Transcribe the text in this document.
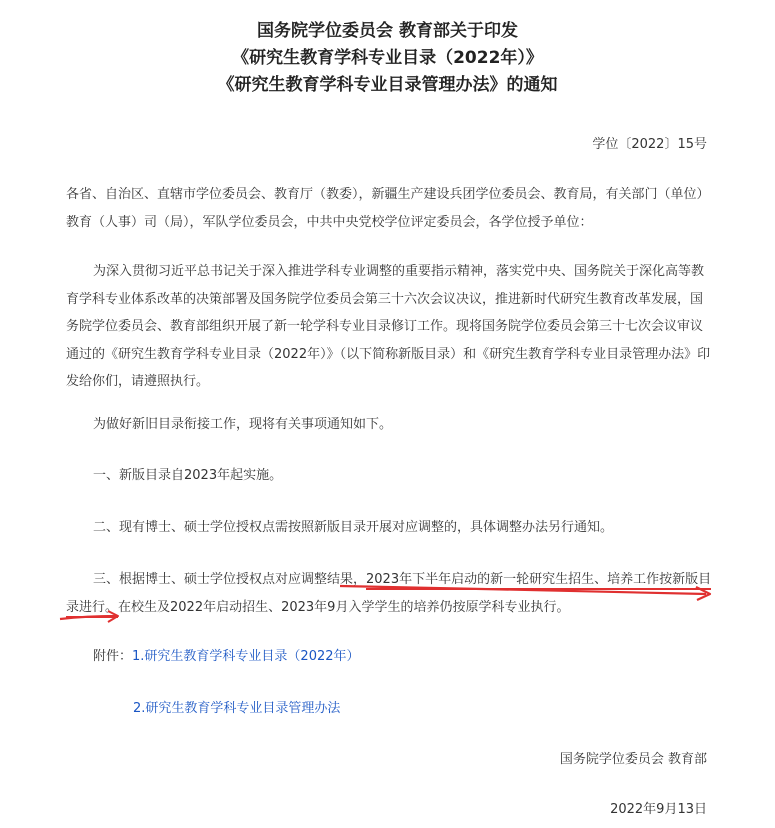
国务院学位委员会 教育部关于印发
《研究生教育学科专业目录（2022年）》
《研究生教育学科专业目录管理办法》的通知
学位〔2022〕15号
各省、自治区、直辖市学位委员会、教育厅（教委），新疆生产建设兵团学位委员会、教育局，有关部门（单位）教育（人事）司（局），军队学位委员会，中共中央党校学位评定委员会，各学位授予单位：
为深入贯彻习近平总书记关于深入推进学科专业调整的重要指示精神，落实党中央、国务院关于深化高等教育学科专业体系改革的决策部署及国务院学位委员会第三十六次会议决议，推进新时代研究生教育改革发展，国务院学位委员会、教育部组织开展了新一轮学科专业目录修订工作。现将国务院学位委员会第三十七次会议审议通过的《研究生教育学科专业目录（2022年）》（以下简称新版目录）和《研究生教育学科专业目录管理办法》印发给你们，请遵照执行。
为做好新旧目录衔接工作，现将有关事项通知如下。
一、新版目录自2023年起实施。
二、现有博士、硕士学位授权点需按照新版目录开展对应调整的，具体调整办法另行通知。
三、根据博士、硕士学位授权点对应调整结果，2023年下半年启动的新一轮研究生招生、培养工作按新版目录进行。在校生及2022年启动招生、2023年9月入学学生的培养仍按原学科专业执行。
附件：1.研究生教育学科专业目录（2022年）
2.研究生教育学科专业目录管理办法
国务院学位委员会 教育部
2022年9月13日
